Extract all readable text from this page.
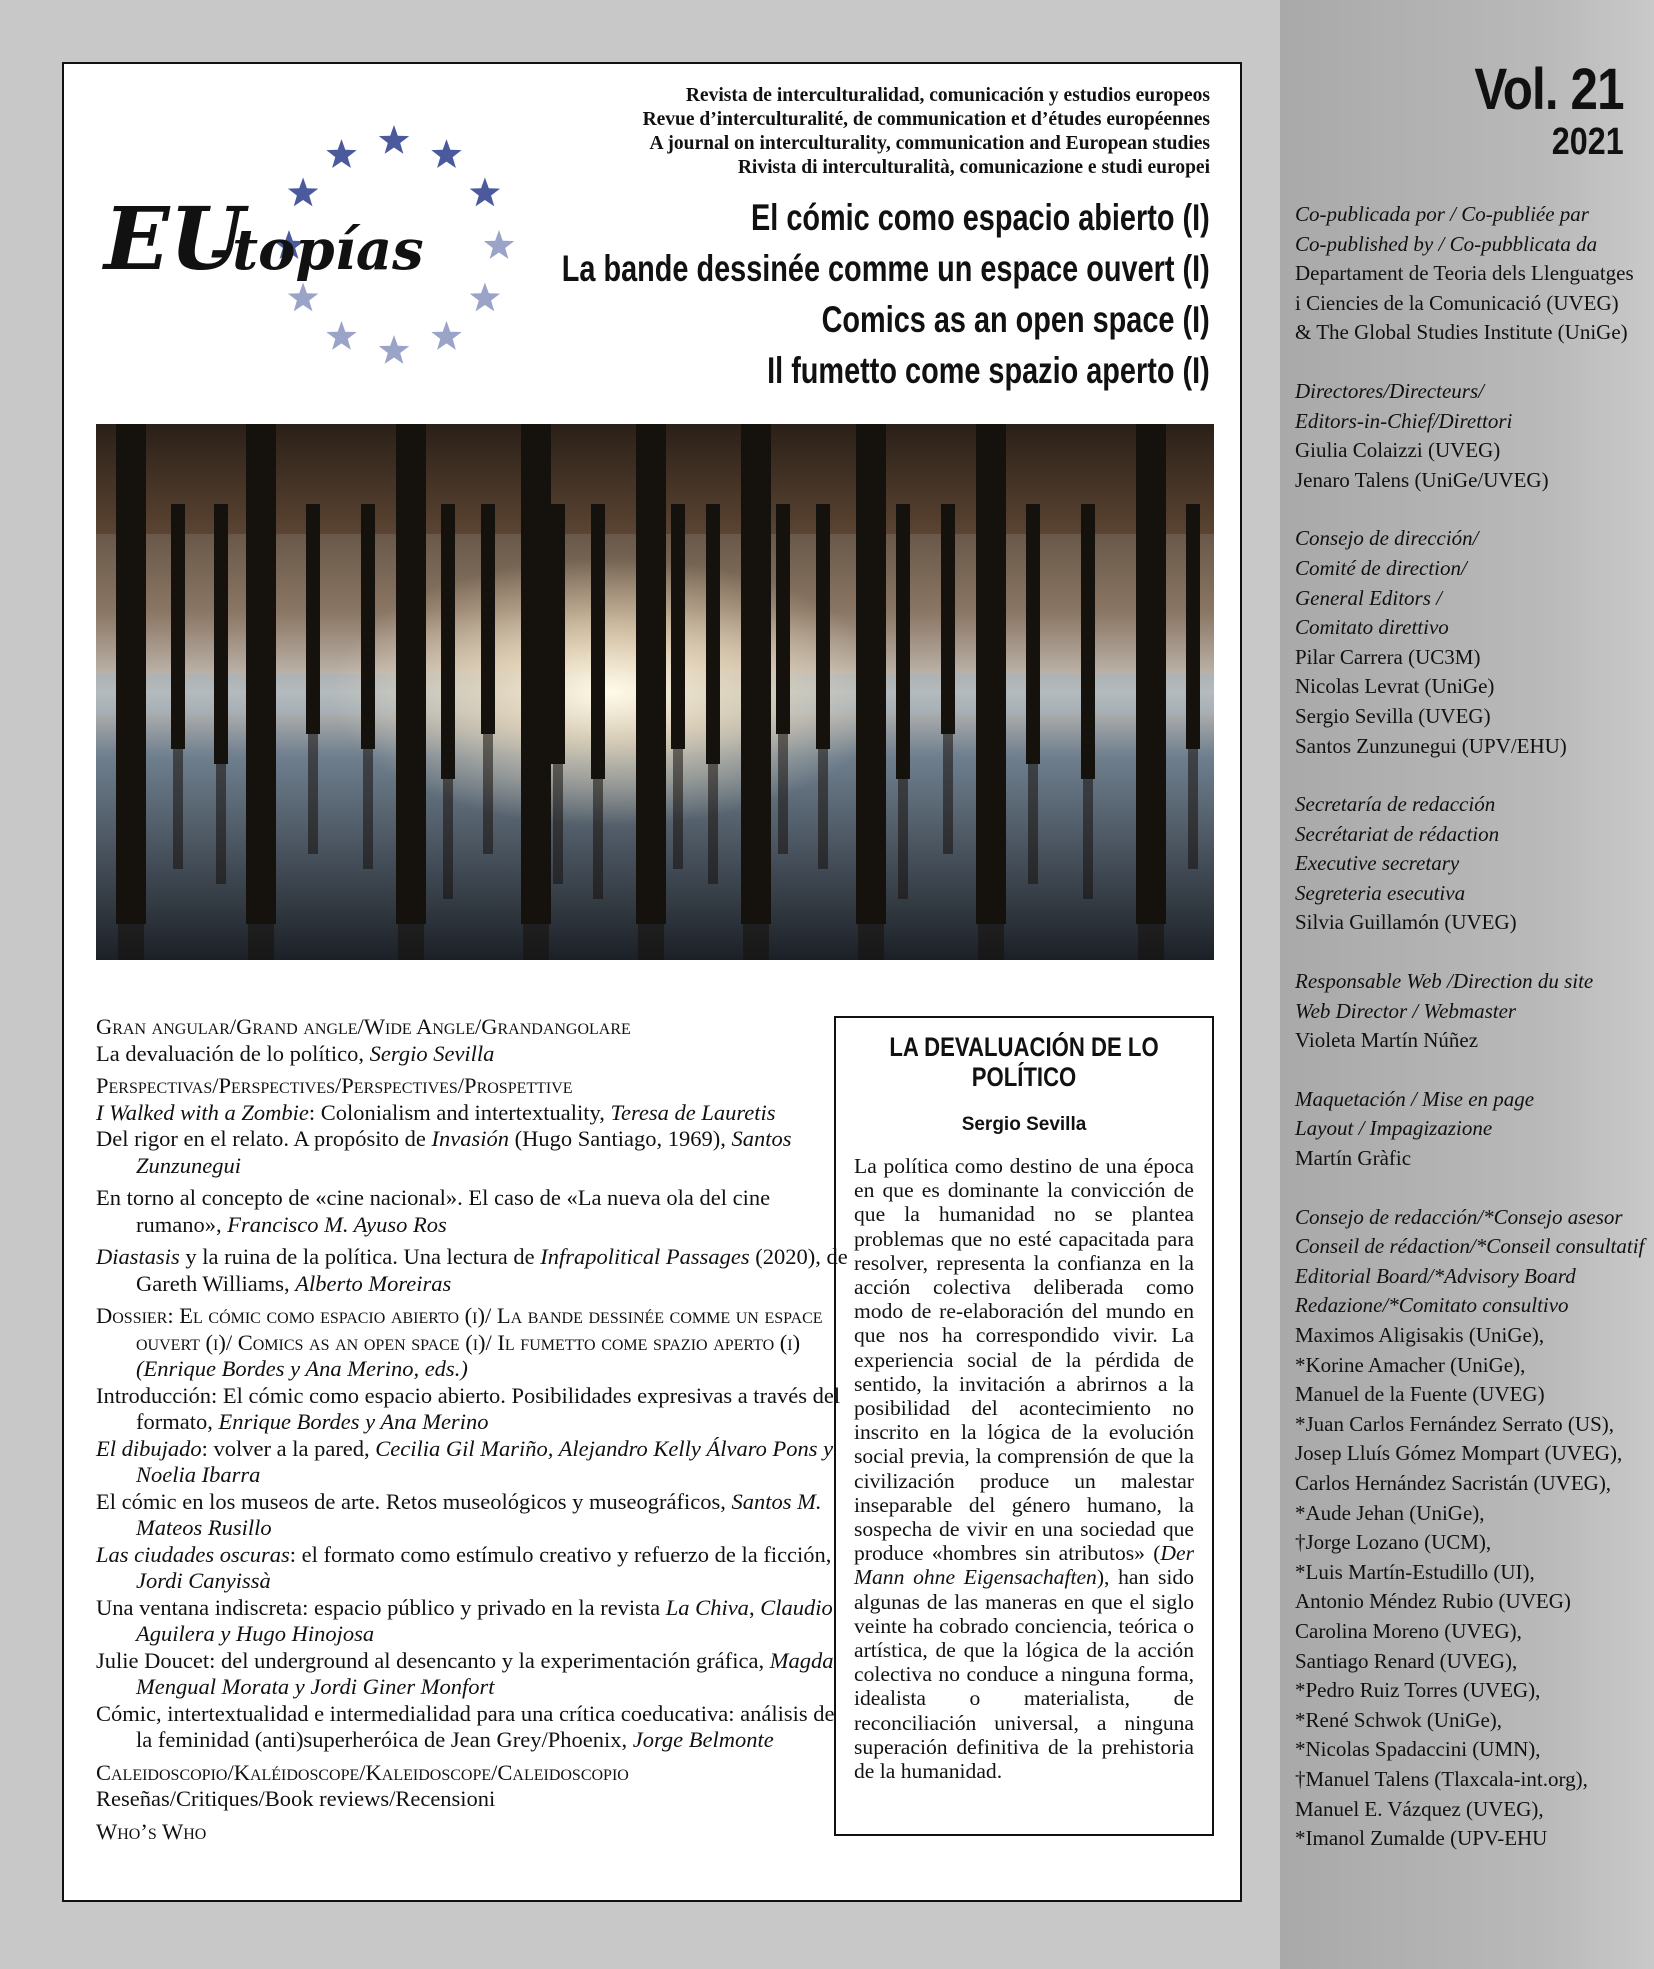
Vol. 21
2021
Co-publicada por / Co-publiée par
Co-published by / Co-pubblicata da
Departament de Teoria dels Llenguatges
i Ciencies de la Comunicació (UVEG)
& The Global Studies Institute (UniGe)
Directores/Directeurs/
Editors-in-Chief/Direttori
Giulia Colaizzi (UVEG)
Jenaro Talens (UniGe/UVEG)
Consejo de dirección/
Comité de direction/
General Editors /
Comitato direttivo
Pilar Carrera (UC3M)
Nicolas Levrat (UniGe)
Sergio Sevilla (UVEG)
Santos Zunzunegui (UPV/EHU)
Secretaría de redacción
Secrétariat de rédaction
Executive secretary
Segreteria esecutiva
Silvia Guillamón (UVEG)
Responsable Web /Direction du site
Web Director / Webmaster
Violeta Martín Núñez
Maquetación / Mise en page
Layout / Impagizazione
Martín Gràfic
Consejo de redacción/*Consejo asesor
Conseil de rédaction/*Conseil consultatif
Editorial Board/*Advisory Board
Redazione/*Comitato consultivo
Maximos Aligisakis (UniGe),
*Korine Amacher (UniGe),
Manuel de la Fuente (UVEG)
*Juan Carlos Fernández Serrato (US),
Josep Lluís Gómez Mompart (UVEG),
Carlos Hernández Sacristán (UVEG),
*Aude Jehan (UniGe),
†Jorge Lozano (UCM),
*Luis Martín-Estudillo (UI),
Antonio Méndez Rubio (UVEG)
Carolina Moreno (UVEG),
Santiago Renard (UVEG),
*Pedro Ruiz Torres (UVEG),
*René Schwok (UniGe),
*Nicolas Spadaccini (UMN),
†Manuel Talens (Tlaxcala-int.org),
Manuel E. Vázquez (UVEG),
*Imanol Zumalde (UPV-EHU
EU
-topías
Revista de interculturalidad, comunicación y estudios europeos
Revue d’interculturalité, de communication et d’études européennes
A journal on interculturality, communication and European studies
Rivista di interculturalità, comunicazione e studi europei
El cómic como espacio abierto (I)
La bande dessinée comme un espace ouvert (I)
Comics as an open space (I)
Il fumetto come spazio aperto (I)
Gran angular/Grand angle/Wide Angle/Grandangolare
La devaluación de lo político, Sergio Sevilla
Perspectivas/Perspectives/Perspectives/Prospettive
I Walked with a Zombie: Colonialism and intertextuality, Teresa de Lauretis
Del rigor en el relato. A propósito de Invasión (Hugo Santiago, 1969), Santos Zunzunegui
En torno al concepto de «cine nacional». El caso de «La nueva ola del cine rumano», Francisco M. Ayuso Ros
Diastasis y la ruina de la política. Una lectura de Infrapolitical Passages (2020), de Gareth Williams, Alberto Moreiras
Dossier: El cómic como espacio abierto (i)/ La bande dessinée comme un espace ouvert (i)/ Comics as an open space (i)/ Il fumetto come spazio aperto (i) (Enrique Bordes y Ana Merino, eds.)
Introducción: El cómic como espacio abierto. Posibilidades expresivas a través del formato, Enrique Bordes y Ana Merino
El dibujado: volver a la pared, Cecilia Gil Mariño, Alejandro Kelly Álvaro Pons y Noelia Ibarra
El cómic en los museos de arte. Retos museológicos y museográficos, Santos M. Mateos Rusillo
Las ciudades oscuras: el formato como estímulo creativo y refuerzo de la ficción, Jordi Canyissà
Una ventana indiscreta: espacio público y privado en la revista La Chiva, Claudio Aguilera y Hugo Hinojosa
Julie Doucet: del underground al desencanto y la experimentación gráfica, Magda Mengual Morata y Jordi Giner Monfort
Cómic, intertextualidad e intermedialidad para una crítica coeducativa: análisis de la feminidad (anti)superheróica de Jean Grey/Phoenix, Jorge Belmonte
Caleidoscopio/Kaléidoscope/Kaleidoscope/Caleidoscopio
Reseñas/Critiques/Book reviews/Recensioni
Who’s Who
LA DEVALUACIÓN DE LO POLÍTICO
Sergio Sevilla
La política como destino de una época en que es dominante la convicción de que la humanidad no se plantea problemas que no esté capacitada para resolver, representa la confianza en la acción colectiva deliberada como modo de re-elaboración del mundo en que nos ha correspondido vivir. La experiencia social de la pérdida de sentido, la invitación a abrirnos a la posibilidad del acontecimiento no inscrito en la lógica de la evolución social previa, la comprensión de que la civilización produce un malestar inseparable del género humano, la sospecha de vivir en una sociedad que produce «hombres sin atributos» (Der Mann ohne Eigensachaften), han sido algunas de las maneras en que el siglo veinte ha cobrado conciencia, teórica o artística, de que la lógica de la acción colectiva no conduce a ninguna forma, idealista o materialista, de reconciliación universal, a ninguna superación definitiva de la prehistoria de la humanidad.
